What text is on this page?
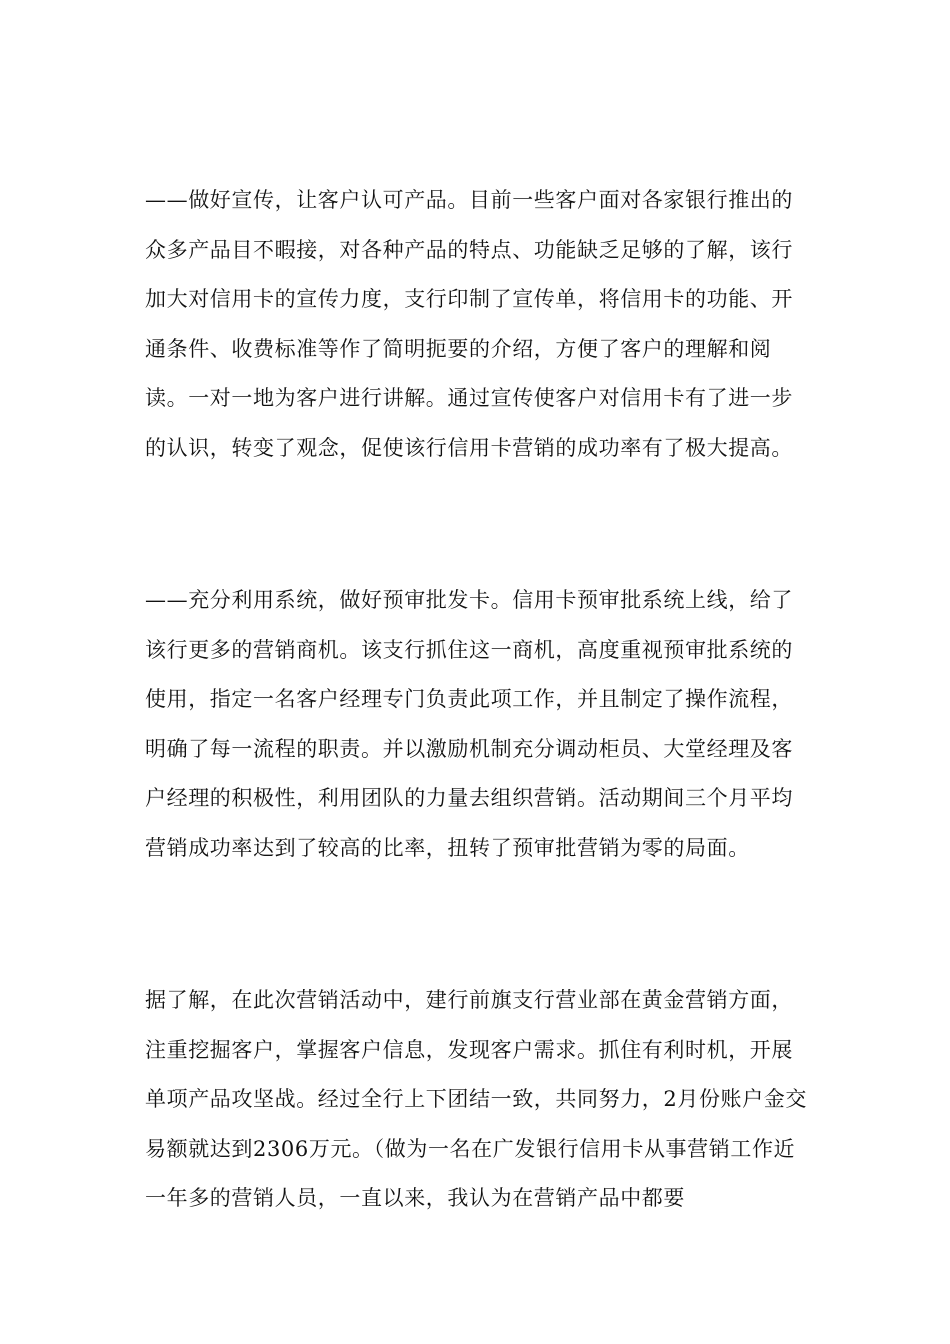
——做好宣传，让客户认可产品。目前一些客户面对各家银行推出的众多产品目不暇接，对各种产品的特点、功能缺乏足够的了解，该行加大对信用卡的宣传力度，支行印制了宣传单，将信用卡的功能、开通条件、收费标准等作了简明扼要的介绍，方便了客户的理解和阅读。一对一地为客户进行讲解。通过宣传使客户对信用卡有了进一步的认识，转变了观念，促使该行信用卡营销的成功率有了极大提高。

——充分利用系统，做好预审批发卡。信用卡预审批系统上线，给了该行更多的营销商机。该支行抓住这一商机，高度重视预审批系统的使用，指定一名客户经理专门负责此项工作，并且制定了操作流程，明确了每一流程的职责。并以激励机制充分调动柜员、大堂经理及客户经理的积极性，利用团队的力量去组织营销。活动期间三个月平均营销成功率达到了较高的比率，扭转了预审批营销为零的局面。

据了解，在此次营销活动中，建行前旗支行营业部在黄金营销方面，注重挖掘客户，掌握客户信息，发现客户需求。抓住有利时机，开展单项产品攻坚战。经过全行上下团结一致，共同努力，2月份账户金交易额就达到2306万元。（做为一名在广发银行信用卡从事营销工作近一年多的营销人员，一直以来，我认为在营销产品中都要
